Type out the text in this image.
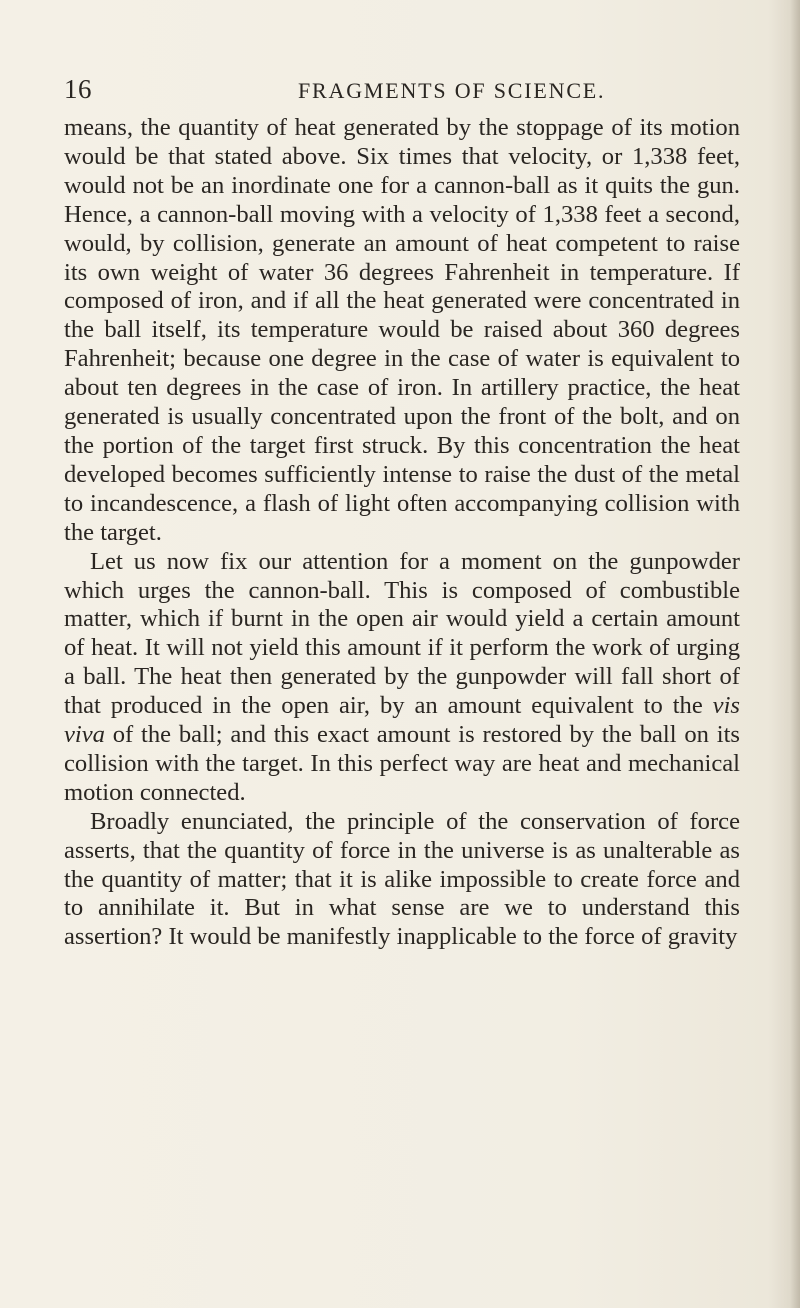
16	FRAGMENTS OF SCIENCE.

means, the quantity of heat generated by the stoppage of its motion would be that stated above. Six times that velocity, or 1,338 feet, would not be an inordinate one for a cannon-ball as it quits the gun. Hence, a cannon-ball moving with a velocity of 1,338 feet a second, would, by collision, generate an amount of heat competent to raise its own weight of water 36 degrees Fahrenheit in temperature. If composed of iron, and if all the heat generated were concentrated in the ball itself, its temperature would be raised about 360 degrees Fahrenheit; because one degree in the case of water is equivalent to about ten degrees in the case of iron. In artillery practice, the heat generated is usually concentrated upon the front of the bolt, and on the portion of the target first struck. By this concentration the heat developed becomes sufficiently intense to raise the dust of the metal to incandescence, a flash of light often accompanying collision with the target.

Let us now fix our attention for a moment on the gunpowder which urges the cannon-ball. This is composed of combustible matter, which if burnt in the open air would yield a certain amount of heat. It will not yield this amount if it perform the work of urging a ball. The heat then generated by the gunpowder will fall short of that produced in the open air, by an amount equivalent to the vis viva of the ball; and this exact amount is restored by the ball on its collision with the target. In this perfect way are heat and mechanical motion connected.

Broadly enunciated, the principle of the conservation of force asserts, that the quantity of force in the universe is as unalterable as the quantity of matter; that it is alike impossible to create force and to annihilate it. But in what sense are we to understand this assertion? It would be manifestly inapplicable to the force of gravity
